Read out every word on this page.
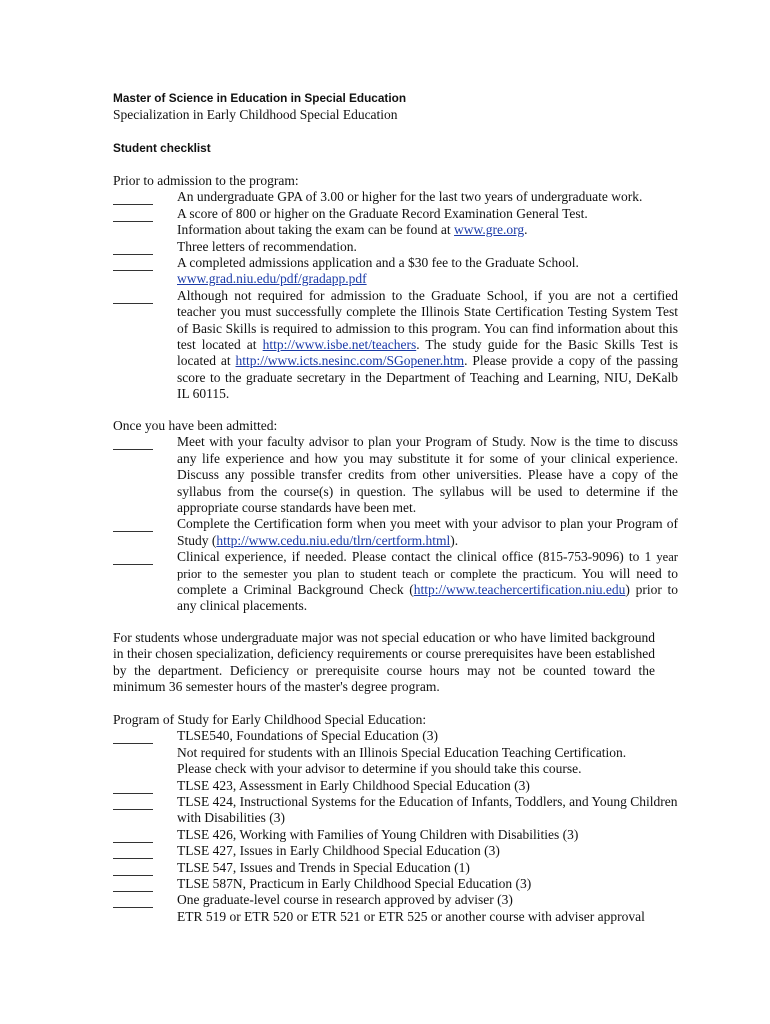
Master of Science in Education in Special Education
Specialization in Early Childhood Special Education
Student checklist

Prior to admission to the program:

An undergraduate GPA of 3.00 or higher for the last two years of undergraduate work.

A score of 800 or higher on the Graduate Record Examination General Test.
Information about taking the exam can be found at www.gre.org.

Three letters of recommendation.

A completed admissions application and a $30 fee to the Graduate School.
www.grad.niu.edu/pdf/gradapp.pdf

Although not required for admission to the Graduate School, if you are not a certified teacher you must successfully complete the Illinois State Certification Testing System Test of Basic Skills is required to admission to this program. You can find information about this test located at http://www.isbe.net/teachers. The study guide for the Basic Skills Test is located at http://www.icts.nesinc.com/SGopener.htm. Please provide a copy of the passing score to the graduate secretary in the Department of Teaching and Learning, NIU, DeKalb IL 60115.

Once you have been admitted:

Meet with your faculty advisor to plan your Program of Study. Now is the time to discuss any life experience and how you may substitute it for some of your clinical experience. Discuss any possible transfer credits from other universities. Please have a copy of the syllabus from the course(s) in question. The syllabus will be used to determine if the appropriate course standards have been met.

Complete the Certification form when you meet with your advisor to plan your Program of Study (http://www.cedu.niu.edu/tlrn/certform.html).

Clinical experience, if needed. Please contact the clinical office (815-753-9096) to 1 year prior to the semester you plan to student teach or complete the practicum. You will need to complete a Criminal Background Check (http://www.teachercertification.niu.edu) prior to any clinical placements.

For students whose undergraduate major was not special education or who have limited background in their chosen specialization, deficiency requirements or course prerequisites have been established by the department. Deficiency or prerequisite course hours may not be counted toward the minimum 36 semester hours of the master's degree program.

Program of Study for Early Childhood Special Education:

TLSE540, Foundations of Special Education (3)
Not required for students with an Illinois Special Education Teaching Certification.
Please check with your advisor to determine if you should take this course.

TLSE 423, Assessment in Early Childhood Special Education (3)

TLSE 424, Instructional Systems for the Education of Infants, Toddlers, and Young Children with Disabilities (3)

TLSE 426, Working with Families of Young Children with Disabilities (3)

TLSE 427, Issues in Early Childhood Special Education (3)

TLSE 547, Issues and Trends in Special Education (1)

TLSE 587N, Practicum in Early Childhood Special Education (3)

One graduate-level course in research approved by adviser (3)
ETR 519 or ETR 520 or ETR 521 or ETR 525 or another course with adviser approval
